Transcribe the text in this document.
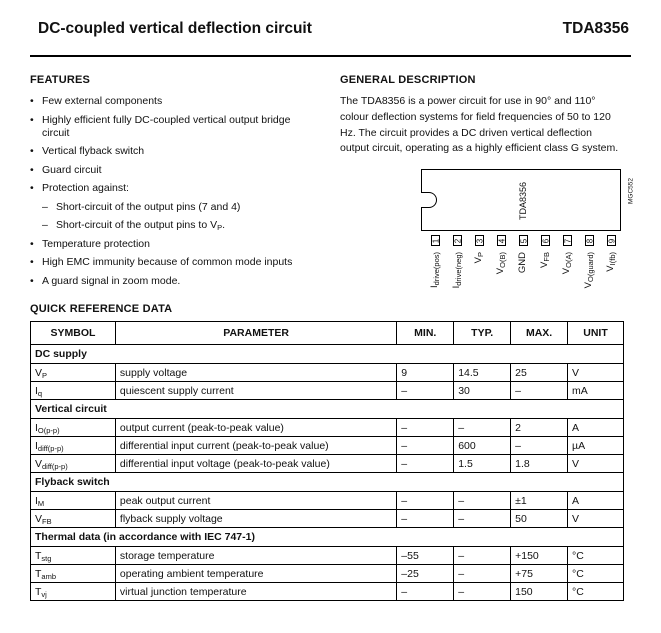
DC-coupled vertical deflection circuit	TDA8356
FEATURES
• Few external components
• Highly efficient fully DC-coupled vertical output bridge circuit
• Vertical flyback switch
• Guard circuit
• Protection against:
– Short-circuit of the output pins (7 and 4)
– Short-circuit of the output pins to $V_P$.
• Temperature protection
• High EMC immunity because of common mode inputs
• A guard signal in zoom mode.
GENERAL DESCRIPTION
The TDA8356 is a power circuit for use in 90° and 110° colour deflection systems for field frequencies of 50 to 120 Hz. The circuit provides a DC driven vertical deflection output circuit, operating as a highly efficient class G system.
TDA8356	MGC552
1
$I_{drive(pos)}$
2
$I_{drive(neg)}$
3
$V_P$
4
$V_{O(B)}$
5
GND
6
$V_{FB}$
7
$V_{O(A)}$
8
$V_{O(guard)}$
9
$V_{I(fb)}$
QUICK REFERENCE DATA
SYMBOL	PARAMETER	MIN.	TYP.	MAX.	UNIT
DC supply					
$V_P$	supply voltage	9	14.5	25	V
$I_q$	quiescent supply current	–	30	–	mA
Vertical circuit					
$I_{O(p-p)}$	output current (peak-to-peak value)	–	–	2	A
$I_{diff(p-p)}$	differential input current (peak-to-peak value)	–	600	–	µA
$V_{diff(p-p)}$	differential input voltage (peak-to-peak value)	–	1.5	1.8	V
Flyback switch					
$I_M$	peak output current	–	–	±1	A
$V_{FB}$	flyback supply voltage	–	–	50	V
Thermal data (in accordance with IEC 747-1)					
$T_{stg}$	storage temperature	–55	–	+150	°C
$T_{amb}$	operating ambient temperature	–25	–	+75	°C
$T_{vj}$	virtual junction temperature	–	–	150	°C
